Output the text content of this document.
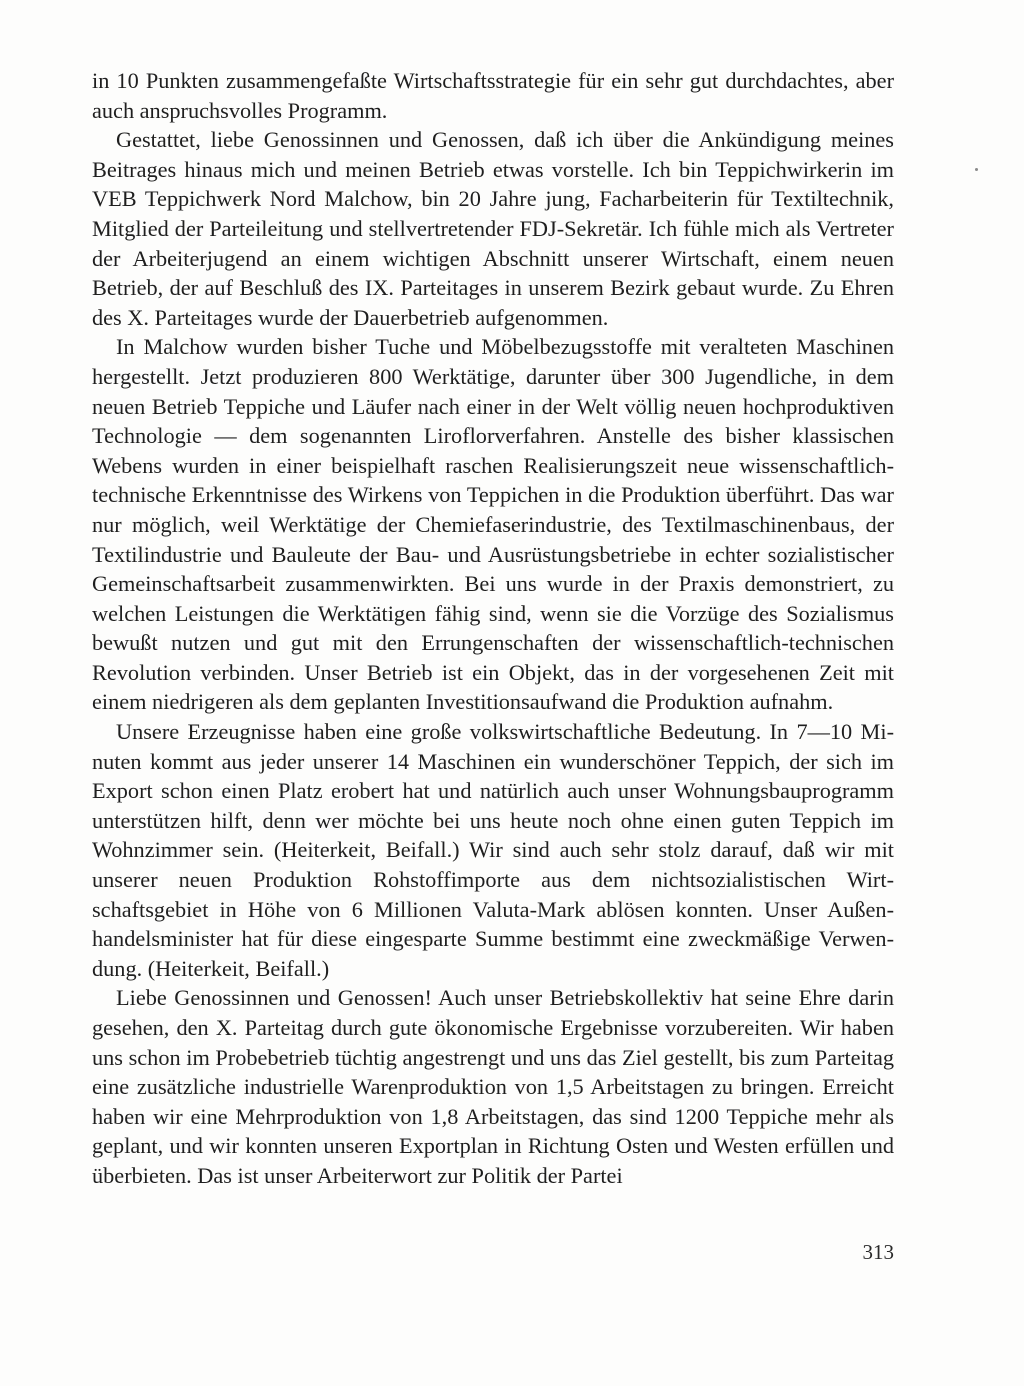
in 10 Punkten zusammengefaßte Wirtschaftsstrategie für ein sehr gut durchdachtes, aber auch anspruchsvolles Programm.

Gestattet, liebe Genossinnen und Genossen, daß ich über die Ankündigung meines Beitrages hinaus mich und meinen Betrieb etwas vorstelle. Ich bin Teppichwirkerin im VEB Teppichwerk Nord Malchow, bin 20 Jahre jung, Facharbeiterin für Textiltechnik, Mitglied der Parteileitung und stellvertretender FDJ-Sekretär. Ich fühle mich als Vertreter der Arbeiterjugend an einem wichtigen Abschnitt unserer Wirtschaft, einem neuen Betrieb, der auf Beschluß des IX. Parteitages in unserem Bezirk gebaut wurde. Zu Ehren des X. Parteitages wurde der Dauerbetrieb aufgenommen.

In Malchow wurden bisher Tuche und Möbelbezugsstoffe mit veralteten Maschinen hergestellt. Jetzt produzieren 800 Werktätige, darunter über 300 Jugendliche, in dem neuen Betrieb Teppiche und Läufer nach einer in der Welt völlig neuen hochproduktiven Technologie — dem sogenannten Liroflorverfahren. Anstelle des bisher klassischen Webens wurden in einer beispielhaft raschen Realisierungszeit neue wissenschaftlich-technische Erkenntnisse des Wirkens von Teppichen in die Produktion überführt. Das war nur möglich, weil Werktätige der Chemiefaserindustrie, des Textilmaschinenbaus, der Textilindustrie und Bauleute der Bau- und Ausrüstungsbetriebe in echter sozialistischer Gemeinschaftsarbeit zusammenwirkten. Bei uns wurde in der Praxis demonstriert, zu welchen Leistungen die Werktätigen fähig sind, wenn sie die Vorzüge des Sozialismus bewußt nutzen und gut mit den Errungenschaften der wissenschaftlich-technischen Revolution verbinden. Unser Betrieb ist ein Objekt, das in der vorgesehenen Zeit mit einem niedrigeren als dem geplanten Investitionsaufwand die Produktion aufnahm.

Unsere Erzeugnisse haben eine große volkswirtschaftliche Bedeutung. In 7—10 Minuten kommt aus jeder unserer 14 Maschinen ein wunderschöner Teppich, der sich im Export schon einen Platz erobert hat und natürlich auch unser Wohnungsbauprogramm unterstützen hilft, denn wer möchte bei uns heute noch ohne einen guten Teppich im Wohnzimmer sein. (Heiterkeit, Beifall.) Wir sind auch sehr stolz darauf, daß wir mit unserer neuen Produktion Rohstoffimporte aus dem nichtsozialistischen Wirtschaftsgebiet in Höhe von 6 Millionen Valuta-Mark ablösen konnten. Unser Außenhandelsminister hat für diese eingesparte Summe bestimmt eine zweckmäßige Verwendung. (Heiterkeit, Beifall.)

Liebe Genossinnen und Genossen! Auch unser Betriebskollektiv hat seine Ehre darin gesehen, den X. Parteitag durch gute ökonomische Ergebnisse vorzubereiten. Wir haben uns schon im Probebetrieb tüchtig angestrengt und uns das Ziel gestellt, bis zum Parteitag eine zusätzliche industrielle Warenproduktion von 1,5 Arbeitstagen zu bringen. Erreicht haben wir eine Mehrproduktion von 1,8 Arbeitstagen, das sind 1200 Teppiche mehr als geplant, und wir konnten unseren Exportplan in Richtung Osten und Westen erfüllen und überbieten. Das ist unser Arbeiterwort zur Politik der Partei

313
